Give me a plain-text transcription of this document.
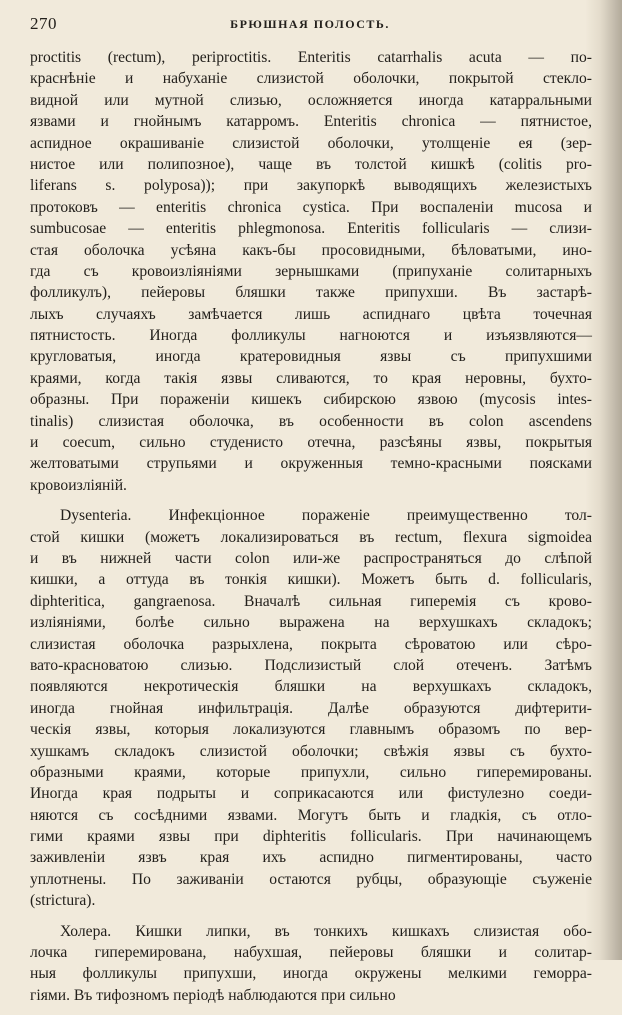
270	БРЮШНАЯ ПОЛОСТЬ.
proctitis (rectum), periproctitis. Enteritis catarrhalis acuta — по-
краснѣніе и набуханіе слизистой оболочки, покрытой стекло-
видной или мутной слизью, осложняется иногда катарральными
язвами и гнойнымъ катарромъ. Enteritis chronica — пятнистое,
аспидное окрашиваніе слизистой оболочки, утолщеніе ея (зер-
нистое или полипозное), чаще въ толстой кишкѣ (colitis pro-
liferans s. polyposa)); при закупоркѣ выводящихъ железистыхъ
протоковъ — enteritis chronica cystica. При воспаленіи mucosa и
sumbucosae — enteritis phlegmonosa. Enteritis follicularis — слизи-
стая оболочка усѣяна какъ-бы просовидными, бѣловатыми, ино-
гда съ кровоизліяніями зернышками (припуханіе солитарныхъ
фолликулъ), пейеровы бляшки также припухши. Въ застарѣ-
лыхъ случаяхъ замѣчается лишь аспиднаго цвѣта точечная
пятнистость. Иногда фолликулы нагноются и изъязвляются—
кругловатыя, иногда кратеровидныя язвы съ припухшими
краями, когда такія язвы сливаются, то края неровны, бухто-
образны. При пораженіи кишекъ сибирскою язвою (mycosis intes-
tinalis) слизистая оболочка, въ особенности въ colon ascendens
и coecum, сильно студенисто отечна, разсѣяны язвы, покрытыя
желтоватыми струпьями и окруженныя темно-красными поясками
кровоизліяній.
Dysenteria. Инфекціонное пораженіе преимущественно тол-
стой кишки (можетъ локализироваться въ rectum, flexura sigmoidea
и въ нижней части colon или-же распространяться до слѣпой
кишки, а оттуда въ тонкія кишки). Можетъ быть d. follicularis,
diphteritica, gangraenosa. Вначалѣ сильная гиперемія съ крово-
изліяніями, болѣе сильно выражена на верхушкахъ складокъ;
слизистая оболочка разрыхлена, покрыта сѣроватою или сѣро-
вато-красноватою слизью. Подслизистый слой отеченъ. Затѣмъ
появляются некротическія бляшки на верхушкахъ складокъ,
иногда гнойная инфильтрація. Далѣе образуются дифтерити-
ческія язвы, которыя локализуются главнымъ образомъ по вер-
хушкамъ складокъ слизистой оболочки; свѣжія язвы съ бухто-
образными краями, которые припухли, сильно гиперемированы.
Иногда края подрыты и соприкасаются или фистулезно соеди-
няются съ сосѣдними язвами. Могутъ быть и гладкія, съ отло-
гими краями язвы при diphteritis follicularis. При начинающемъ
заживленіи язвъ края ихъ аспидно пигментированы, часто
уплотнены. По заживаніи остаются рубцы, образующіе съуженіе
(strictura).
Холера. Кишки липки, въ тонкихъ кишкахъ слизистая обо-
лочка гиперемирована, набухшая, пейеровы бляшки и солитар-
ныя фолликулы припухши, иногда окружены мелкими геморра-
гіями. Въ тифозномъ періодѣ наблюдаются при сильно
